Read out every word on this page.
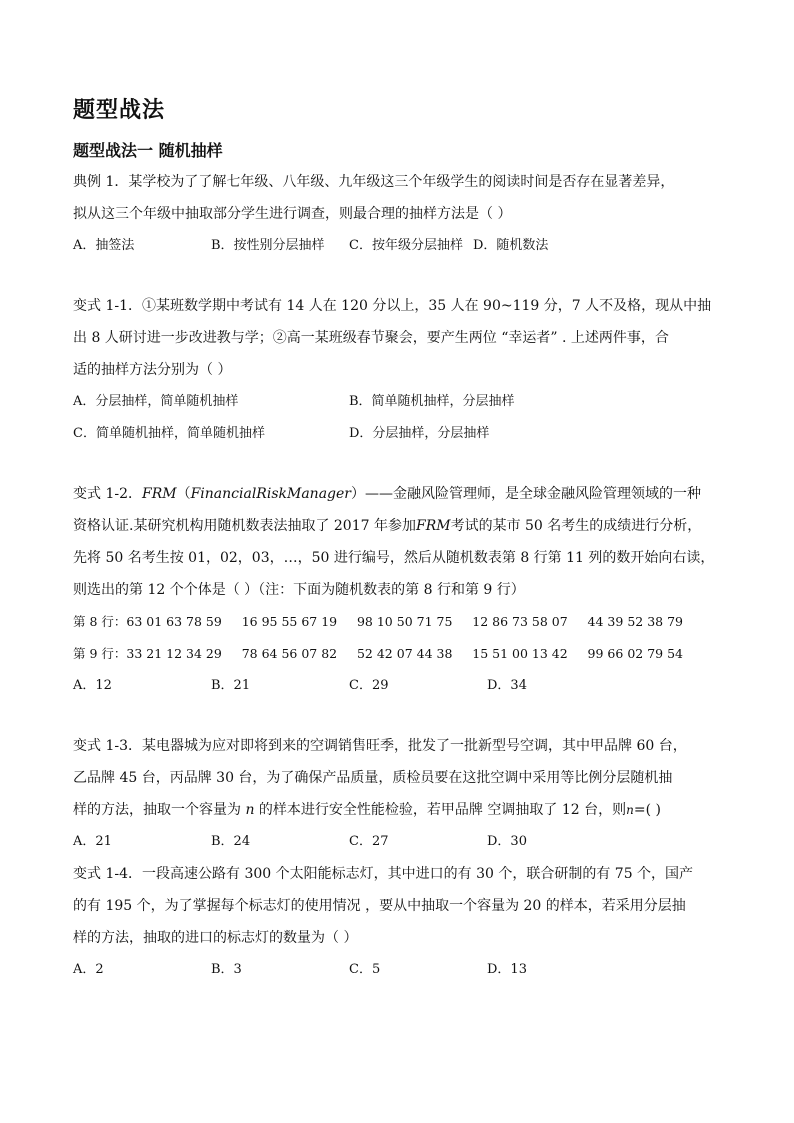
题型战法
题型战法一 随机抽样
典例 1．某学校为了了解七年级、八年级、九年级这三个年级学生的阅读时间是否存在显著差异，
拟从这三个年级中抽取部分学生进行调查，则最合理的抽样方法是（ ）
A．抽签法	B．按性别分层抽样	C．按年级分层抽样 D．随机数法
变式 1-1．①某班数学期中考试有 14 人在 120 分以上，35 人在 90~119 分，7 人不及格，现从中抽
出 8 人研讨进一步改进教与学；②高一某班级春节聚会，要产生两位 “幸运者” . 上述两件事，合
适的抽样方法分别为（ ）
A．分层抽样，简单随机抽样	B．简单随机抽样，分层抽样
C．简单随机抽样，简单随机抽样	D．分层抽样，分层抽样
变式 1-2．FRM（FinancialRiskManager）——金融风险管理师，是全球金融风险管理领域的一种
资格认证.某研究机构用随机数表法抽取了 2017 年参加FRM考试的某市 50 名考生的成绩进行分析，
先将 50 名考生按 01，02，03，…，50 进行编号，然后从随机数表第 8 行第 11 列的数开始向右读，
则选出的第 12 个个体是（ ）（注：下面为随机数表的第 8 行和第 9 行）
第 8 行：63 01 63 78 59     16 95 55 67 19     98 10 50 71 75     12 86 73 58 07     44 39 52 38 79
第 9 行：33 21 12 34 29     78 64 56 07 82     52 42 07 44 38     15 51 00 13 42     99 66 02 79 54
A．12	B．21	C．29	D．34
变式 1-3．某电器城为应对即将到来的空调销售旺季，批发了一批新型号空调，其中甲品牌 60 台，
乙品牌 45 台，丙品牌 30 台，为了确保产品质量，质检员要在这批空调中采用等比例分层随机抽
样的方法，抽取一个容量为 n 的样本进行安全性能检验，若甲品牌 空调抽取了 12 台，则n=( )
A．21	B．24	C．27	D．30
变式 1-4．一段高速公路有 300 个太阳能标志灯，其中进口的有 30 个，联合研制的有 75 个，国产
的有 195 个，为了掌握每个标志灯的使用情况 ，要从中抽取一个容量为 20 的样本，若采用分层抽
样的方法，抽取的进口的标志灯的数量为（ ）
A．2	B．3	C．5	D．13
